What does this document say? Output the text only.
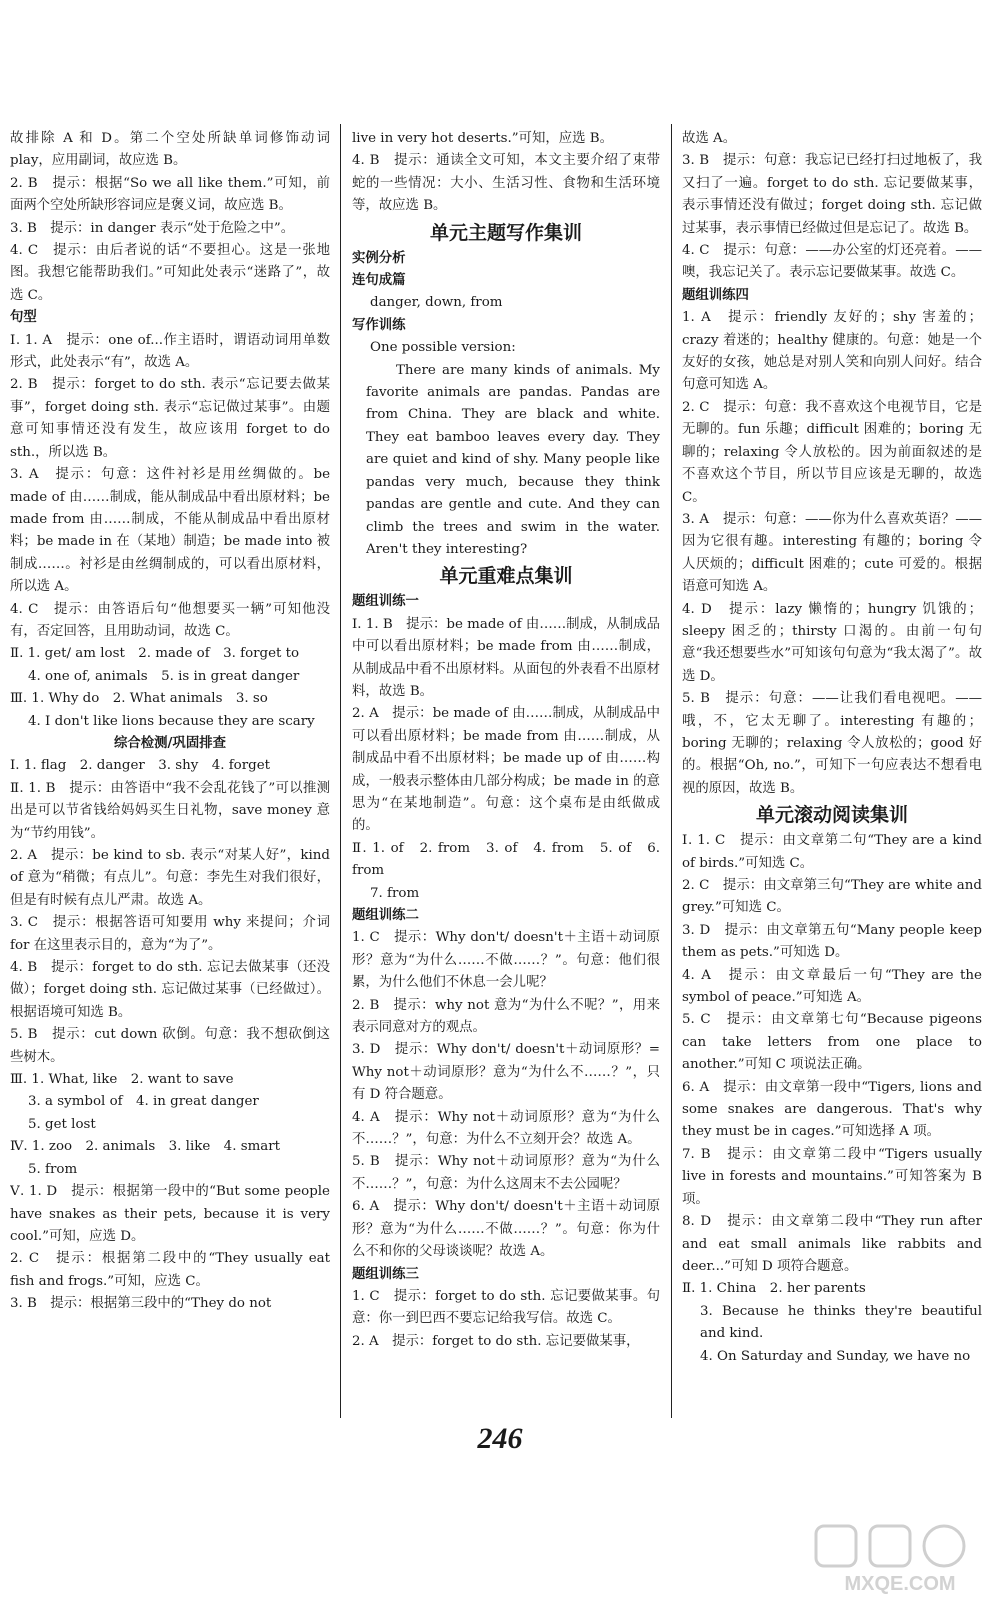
故排除 A 和 D。第二个空处所缺单词修饰动词 play，应用副词，故应选 B。

2. B　提示：根据“So we all like them.”可知，前面两个空处所缺形容词应是褒义词，故应选 B。

3. B　提示：in danger 表示“处于危险之中”。

4. C　提示：由后者说的话“不要担心。这是一张地图。我想它能帮助我们。”可知此处表示“迷路了”，故选 C。

句型

Ⅰ. 1. A　提示：one of...作主语时，谓语动词用单数形式，此处表示“有”，故选 A。

2. B　提示：forget to do sth. 表示“忘记要去做某事”，forget doing sth. 表示“忘记做过某事”。由题意可知事情还没有发生，故应该用 forget to do sth.，所以选 B。

3. A　提示：句意：这件衬衫是用丝绸做的。be made of 由……制成，能从制成品中看出原材料；be made from 由……制成，不能从制成品中看出原材料；be made in 在（某地）制造；be made into 被制成……。衬衫是由丝绸制成的，可以看出原材料，所以选 A。

4. C　提示：由答语后句“他想要买一辆”可知他没有，否定回答，且用助动词，故选 C。

Ⅱ. 1. get/ am lost　2. made of　3. forget to

4. one of, animals　5. is in great danger

Ⅲ. 1. Why do　2. What animals　3. so

4. I don't like lions because they are scary

综合检测/巩固排查

Ⅰ. 1. flag　2. danger　3. shy　4. forget

Ⅱ. 1. B　提示：由答语中“我不会乱花钱了”可以推测出是可以节省钱给妈妈买生日礼物，save money 意为“节约用钱”。

2. A　提示：be kind to sb. 表示“对某人好”，kind of 意为“稍微；有点儿”。句意：李先生对我们很好，但是有时候有点儿严肃。故选 A。

3. C　提示：根据答语可知要用 why 来提问；介词 for 在这里表示目的，意为“为了”。

4. B　提示：forget to do sth. 忘记去做某事（还没做）；forget doing sth. 忘记做过某事（已经做过）。根据语境可知选 B。

5. B　提示：cut down 砍倒。句意：我不想砍倒这些树木。

Ⅲ. 1. What, like　2. want to save

3. a symbol of　4. in great danger

5. get lost

Ⅳ. 1. zoo　2. animals　3. like　4. smart

5. from

Ⅴ. 1. D　提示：根据第一段中的“But some people have snakes as their pets, because it is very cool.”可知，应选 D。

2. C　提示：根据第二段中的“They usually eat fish and frogs.”可知，应选 C。

3. B　提示：根据第三段中的“They do not

live in very hot deserts.”可知，应选 B。

4. B　提示：通读全文可知，本文主要介绍了束带蛇的一些情况：大小、生活习性、食物和生活环境等，故应选 B。

单元主题写作集训
实例分析
连句成篇

danger, down, from

写作训练

One possible version:

There are many kinds of animals. My favorite animals are pandas. Pandas are from China. They are black and white. They eat bamboo leaves every day. They are quiet and kind of shy. Many people like pandas very much, because they think pandas are gentle and cute. And they can climb the trees and swim in the water. Aren't they interesting?

单元重难点集训
题组训练一

Ⅰ. 1. B　提示：be made of 由……制成，从制成品中可以看出原材料；be made from 由……制成，从制成品中看不出原材料。从面包的外表看不出原材料，故选 B。

2. A　提示：be made of 由……制成，从制成品中可以看出原材料；be made from 由……制成，从制成品中看不出原材料；be made up of 由……构成，一般表示整体由几部分构成；be made in 的意思为“在某地制造”。句意：这个桌布是由纸做成的。

Ⅱ. 1. of　2. from　3. of　4. from　5. of　6. from

7. from

题组训练二

1. C　提示：Why don't/ doesn't＋主语＋动词原形？意为“为什么……不做……？”。句意：他们很累，为什么他们不休息一会儿呢？

2. B　提示：why not 意为“为什么不呢？”，用来表示同意对方的观点。

3. D　提示：Why don't/ doesn't＋动词原形？= Why not＋动词原形？意为“为什么不……？”，只有 D 符合题意。

4. A　提示：Why not＋动词原形？意为“为什么不……？”，句意：为什么不立刻开会？故选 A。

5. B　提示：Why not＋动词原形？意为“为什么不……？”，句意：为什么这周末不去公园呢？

6. A　提示：Why don't/ doesn't＋主语＋动词原形？意为“为什么……不做……？”。句意：你为什么不和你的父母谈谈呢？故选 A。

题组训练三

1. C　提示：forget to do sth. 忘记要做某事。句意：你一到巴西不要忘记给我写信。故选 C。

2. A　提示：forget to do sth. 忘记要做某事，

故选 A。

3. B　提示：句意：我忘记已经打扫过地板了，我又扫了一遍。forget to do sth. 忘记要做某事，表示事情还没有做过；forget doing sth. 忘记做过某事，表示事情已经做过但是忘记了。故选 B。

4. C　提示：句意：——办公室的灯还亮着。——噢，我忘记关了。表示忘记要做某事。故选 C。

题组训练四

1. A　提示：friendly 友好的；shy 害羞的；crazy 着迷的；healthy 健康的。句意：她是一个友好的女孩，她总是对别人笑和向别人问好。结合句意可知选 A。

2. C　提示：句意：我不喜欢这个电视节目，它是无聊的。fun 乐趣；difficult 困难的；boring 无聊的；relaxing 令人放松的。因为前面叙述的是不喜欢这个节目，所以节目应该是无聊的，故选 C。

3. A　提示：句意：——你为什么喜欢英语？——因为它很有趣。interesting 有趣的；boring 令人厌烦的；difficult 困难的；cute 可爱的。根据语意可知选 A。

4. D　提示：lazy 懒惰的；hungry 饥饿的；sleepy 困乏的；thirsty 口渴的。由前一句句意“我还想要些水”可知该句句意为“我太渴了”。故选 D。

5. B　提示：句意：——让我们看电视吧。——哦，不，它太无聊了。interesting 有趣的；boring 无聊的；relaxing 令人放松的；good 好的。根据“Oh, no.”，可知下一句应表达不想看电视的原因，故选 B。

单元滚动阅读集训

Ⅰ. 1. C　提示：由文章第二句“They are a kind of birds.”可知选 C。

2. C　提示：由文章第三句“They are white and grey.”可知选 C。

3. D　提示：由文章第五句“Many people keep them as pets.”可知选 D。

4. A　提示：由文章最后一句“They are the symbol of peace.”可知选 A。

5. C　提示：由文章第七句“Because pigeons can take letters from one place to another.”可知 C 项说法正确。

6. A　提示：由文章第一段中“Tigers, lions and some snakes are dangerous. That's why they must be in cages.”可知选择 A 项。

7. B　提示：由文章第二段中“Tigers usually live in forests and mountains.”可知答案为 B 项。

8. D　提示：由文章第二段中“They run after and eat small animals like rabbits and deer...”可知 D 项符合题意。

Ⅱ. 1. China　2. her parents

3. Because he thinks they're beautiful and kind.

4. On Saturday and Sunday, we have no

246
MXQE.COM
